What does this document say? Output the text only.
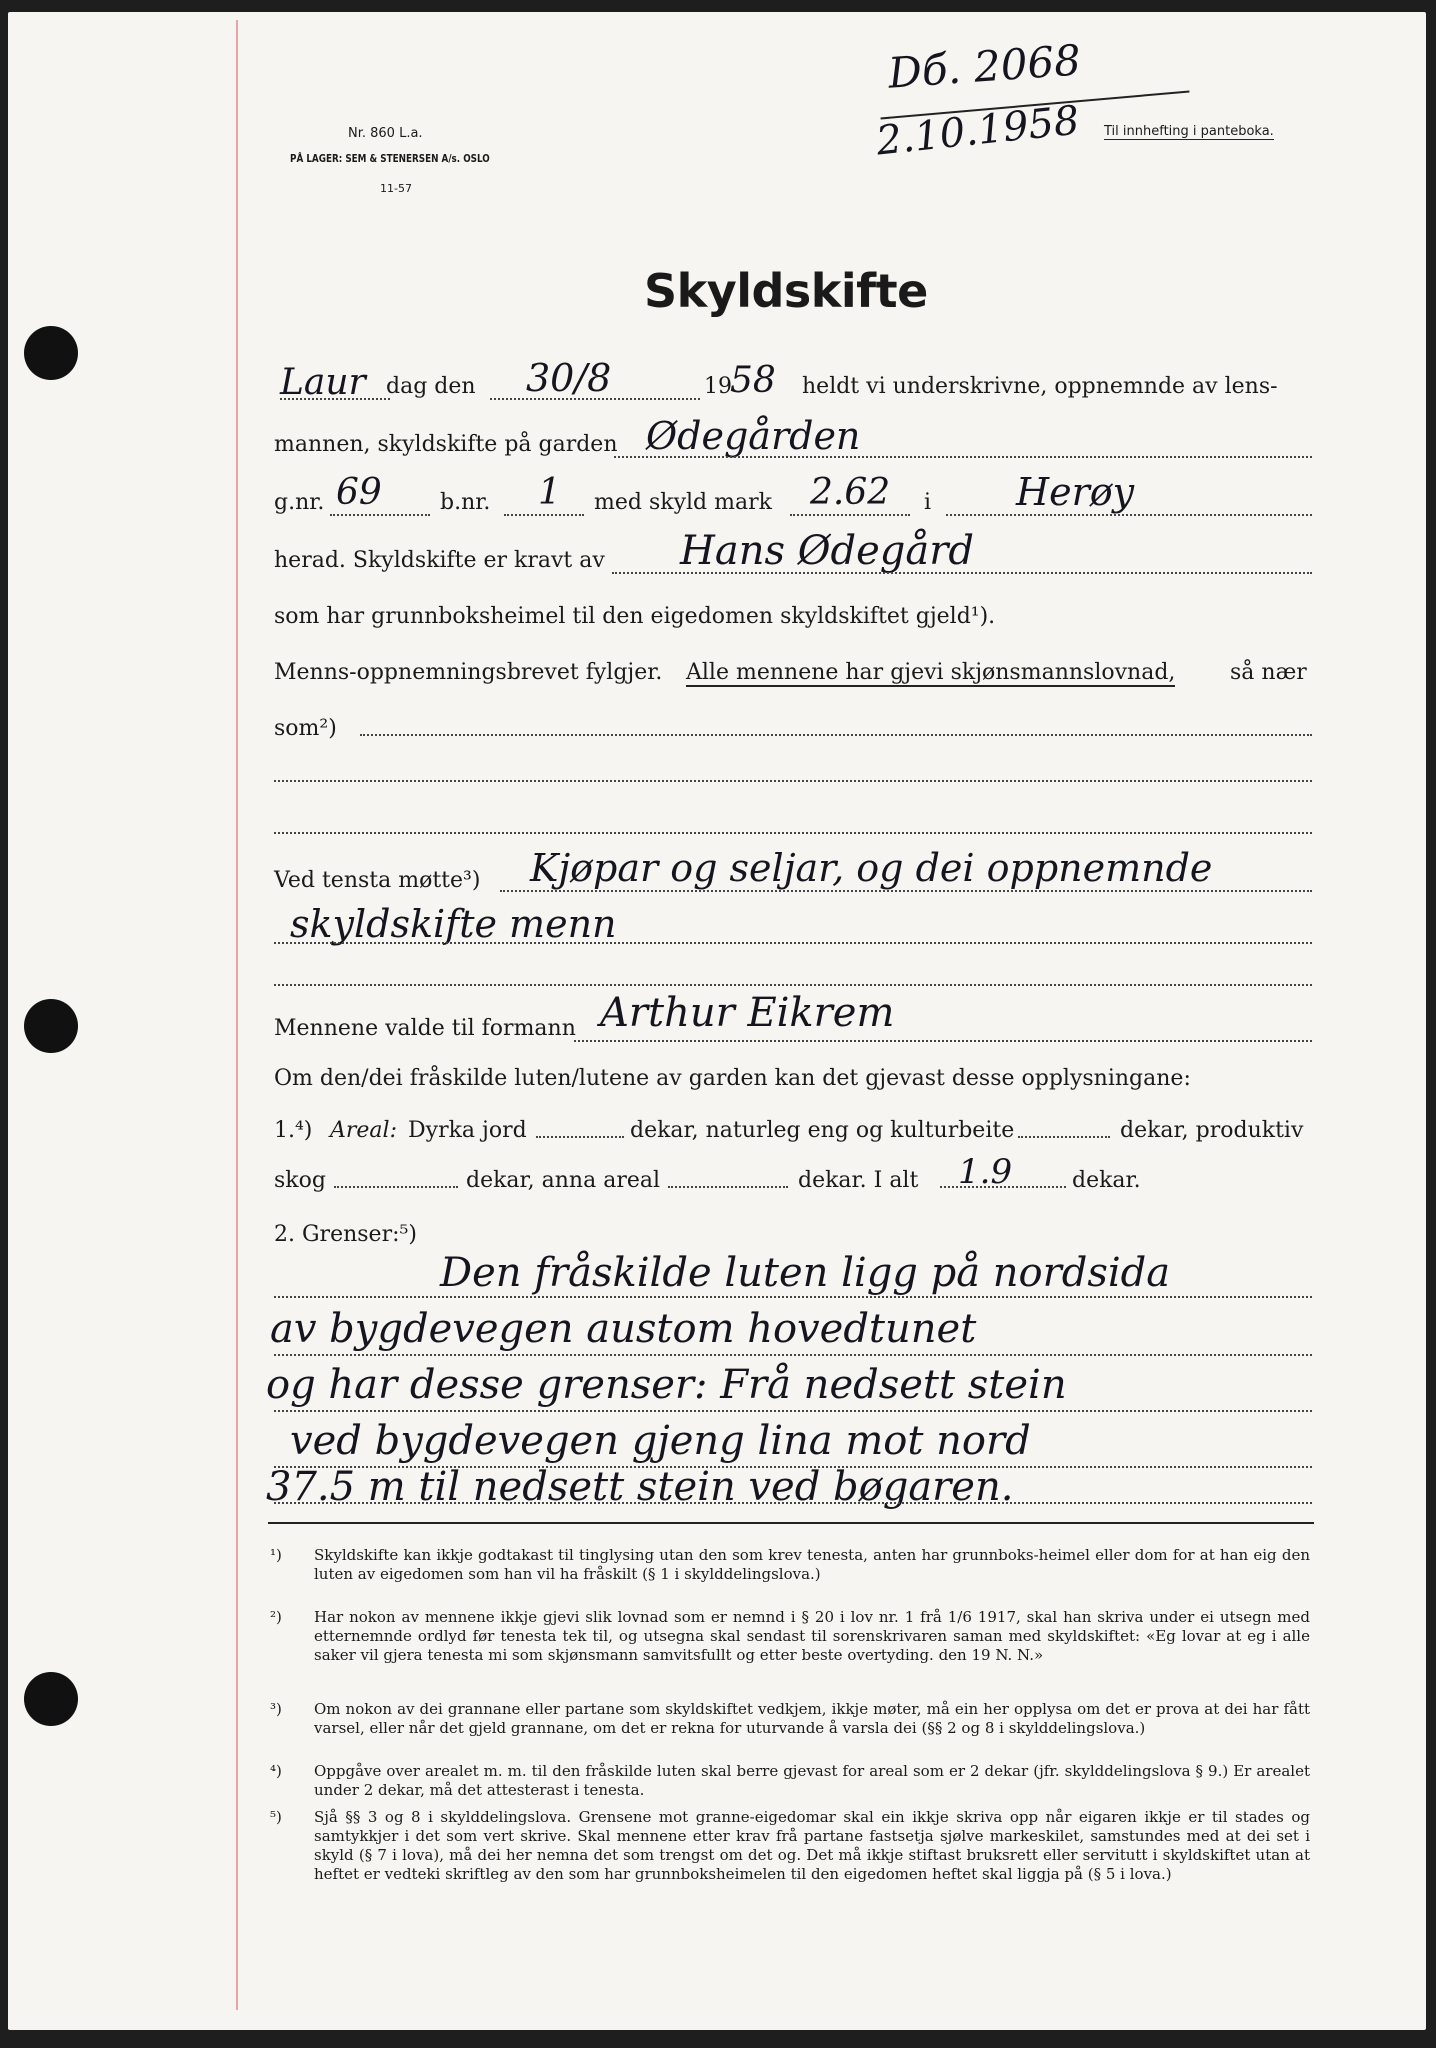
Nr. 860 L.a.
PÅ LAGER: SEM & STENERSEN A/s. OSLO
11-57
Dб. 2068
2.10.1958 Til innhefting i panteboka.
Skyldskifte
Laur dag den 30/8	19
58 heldt vi underskrivne, oppnemnde av lens-
mannen, skyldskifte på garden Ødegården
g.nr. 69	b.nr. 1 med skyld mark 2.62 i Herøy
herad. Skyldskifte er kravt av Hans Ødegård
som har grunnboksheimel til den eigedomen skyldskiftet gjeld¹).
Menns-oppnemningsbrevet fylgjer. Alle mennene har gjevi skjønsmannslovnad, så nær
som²)
Ved tensta møtte³) Kjøpar og seljar, og dei oppnemnde
skyldskifte menn
Mennene valde til formann Arthur Eikrem
Om den/dei fråskilde luten/lutene av garden kan det gjevast desse opplysningane:
1.⁴) Areal: Dyrka jord	dekar, naturleg eng og kulturbeite	dekar, produktiv
skog	dekar, anna areal	dekar. I alt 1.9	dekar.
2. Grenser:⁵)
Den fråskilde luten ligg på nordsida
av bygdevegen austom hovedtunet
og har desse grenser: Frå nedsett stein
ved bygdevegen gjeng lina mot nord
37.5 m til nedsett stein ved bøgaren.
¹) Skyldskifte kan ikkje godtakast til tinglysing utan den som krev tenesta, anten har grunnboks-heimel eller dom for at han eig den luten av eigedomen som han vil ha fråskilt (§ 1 i skylddelingslova.)
²) Har nokon av mennene ikkje gjevi slik lovnad som er nemnd i § 20 i lov nr. 1 frå 1/6 1917, skal han skriva under ei utsegn med etternemnde ordlyd før tenesta tek til, og utsegna skal sendast til sorenskrivaren saman med skyldskiftet: «Eg lovar at eg i alle saker vil gjera tenesta mi som skjønsmann samvitsfullt og etter beste overtyding. den 19 N. N.»
³) Om nokon av dei grannane eller partane som skyldskiftet vedkjem, ikkje møter, må ein her opplysa om det er prova at dei har fått varsel, eller når det gjeld grannane, om det er rekna for uturvande å varsla dei (§§ 2 og 8 i skylddelingslova.)
⁴) Oppgåve over arealet m. m. til den fråskilde luten skal berre gjevast for areal som er 2 dekar (jfr. skylddelingslova § 9.) Er arealet under 2 dekar, må det attesterast i tenesta.
⁵) Sjå §§ 3 og 8 i skylddelingslova. Grensene mot granne-eigedomar skal ein ikkje skriva opp når eigaren ikkje er til stades og samtykkjer i det som vert skrive. Skal mennene etter krav frå partane fastsetja sjølve markeskilet, samstundes med at dei set i skyld (§ 7 i lova), må dei her nemna det som trengst om det og. Det må ikkje stiftast bruksrett eller servitutt i skyldskiftet utan at heftet er vedteki skriftleg av den som har grunnboksheimelen til den eigedomen heftet skal liggja på (§ 5 i lova.)
